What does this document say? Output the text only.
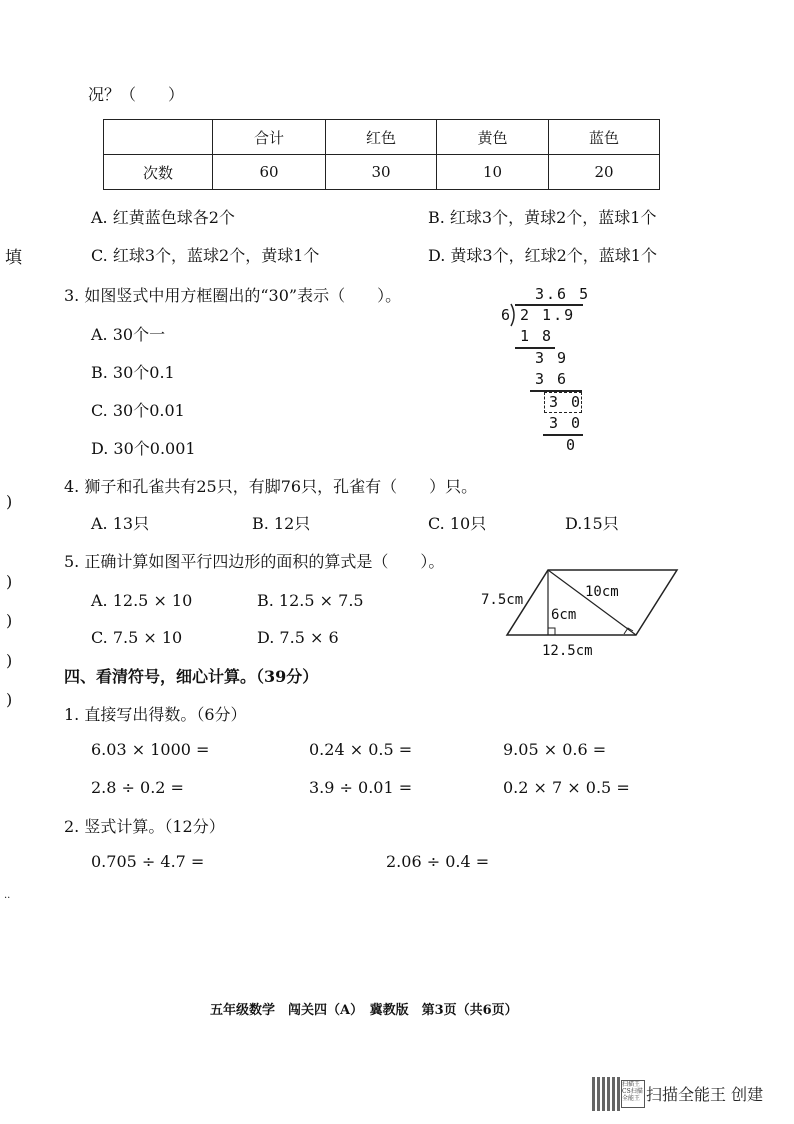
况？（　　）
	合计	红色	黄色	蓝色
次数	60	30	10	20
A. 红黄蓝色球各2个	B. 红球3个，黄球2个，蓝球1个
C. 红球3个，蓝球2个，黄球1个	D. 黄球3个，红球2个，蓝球1个
填
)
)
)
)
)
..
3. 如图竖式中用方框圈出的“30”表示（　　）。
A. 30个一
B. 30个0.1
C. 30个0.01
D. 30个0.001
3.6 5
6 2 1.9
1 8
3 9
3 6
3 0
3 0
0
4. 狮子和孔雀共有25只，有脚76只，孔雀有（　　）只。
A. 13只	B. 12只	C. 10只	D.15只
5. 正确计算如图平行四边形的面积的算式是（　　）。
A. 12.5 × 10	B. 12.5 × 7.5
C. 7.5 × 10	D. 7.5 × 6
7.5cm	10cm
6cm
12.5cm
四、看清符号，细心计算。（39分）
1. 直接写出得数。（6分）
6.03 × 1000 =	0.24 × 0.5 =	9.05 × 0.6 =
2.8 ÷ 0.2 =	3.9 ÷ 0.01 =	0.2 × 7 × 0.5 =
2. 竖式计算。（12分）
0.705 ÷ 4.7 =	2.06 ÷ 0.4 =
五年级数学　闯关四（A）　冀教版　第3页（共6页）
扫描王 CS扫描全能王 扫描全能王 创建
